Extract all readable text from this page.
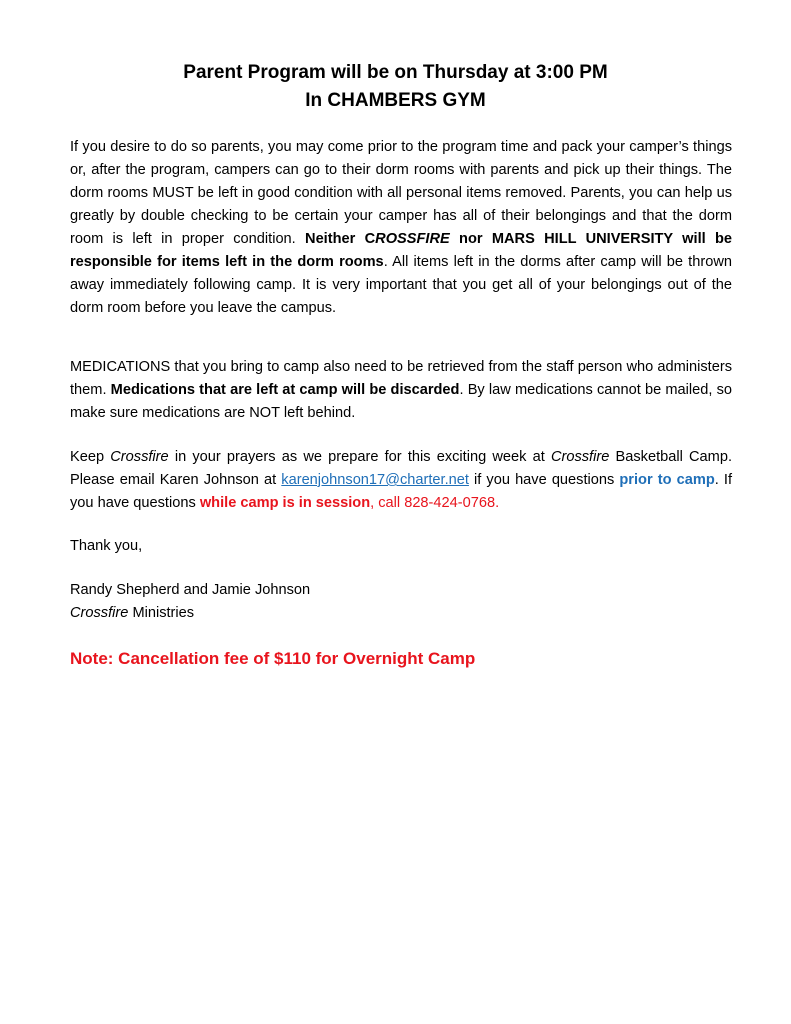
Parent Program will be on Thursday at 3:00 PM
In CHAMBERS GYM

If you desire to do so parents, you may come prior to the program time and pack your camper’s things or, after the program, campers can go to their dorm rooms with parents and pick up their things. The dorm rooms MUST be left in good condition with all personal items removed. Parents, you can help us greatly by double checking to be certain your camper has all of their belongings and that the dorm room is left in proper condition. Neither CROSSFIRE nor MARS HILL UNIVERSITY will be responsible for items left in the dorm rooms. All items left in the dorms after camp will be thrown away immediately following camp. It is very important that you get all of your belongings out of the dorm room before you leave the campus.

MEDICATIONS that you bring to camp also need to be retrieved from the staff person who administers them. Medications that are left at camp will be discarded. By law medications cannot be mailed, so make sure medications are NOT left behind.

Keep Crossfire in your prayers as we prepare for this exciting week at Crossfire Basketball Camp. Please email Karen Johnson at karenjohnson17@charter.net if you have questions prior to camp. If you have questions while camp is in session, call 828-424-0768.

Thank you,

Randy Shepherd and Jamie Johnson

Crossfire Ministries

Note: Cancellation fee of $110 for Overnight Camp
